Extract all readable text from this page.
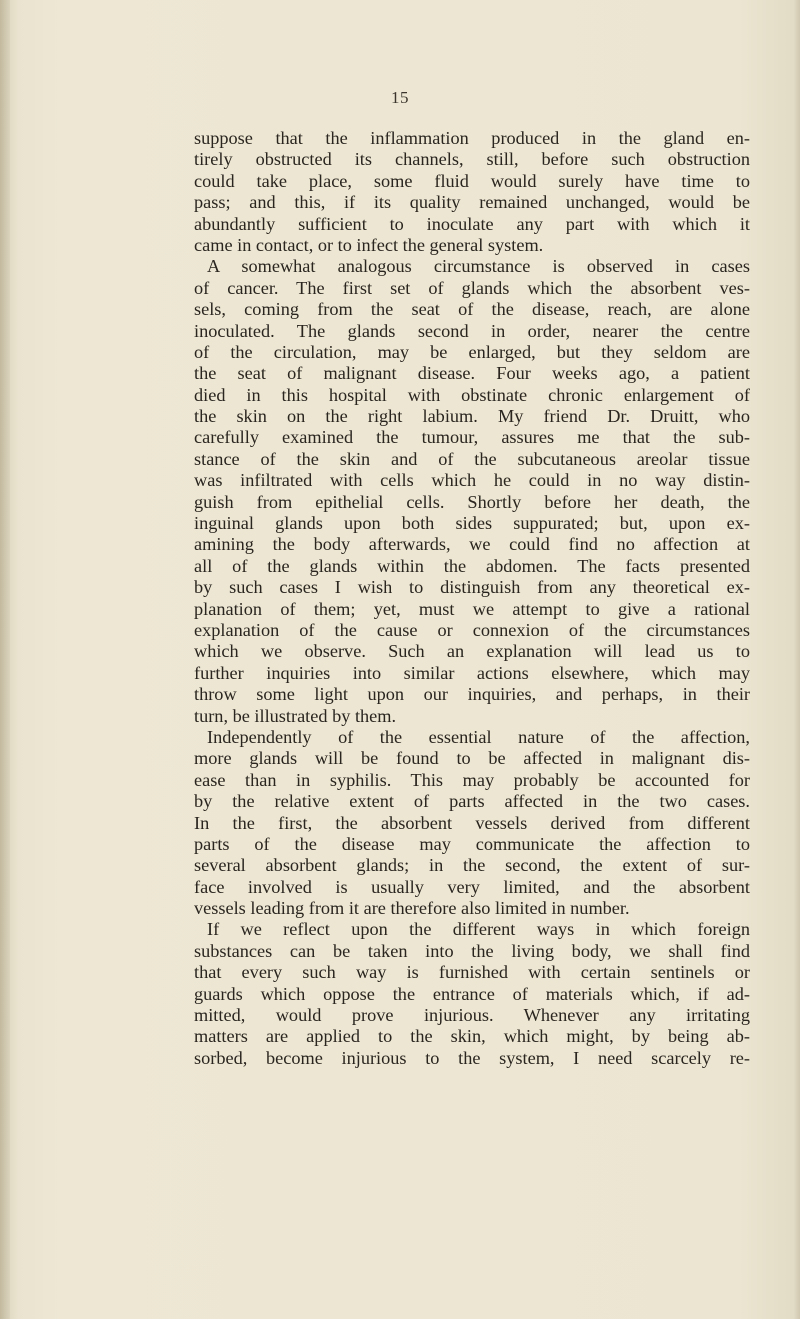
15
suppose that the inflammation produced in the gland en-
tirely obstructed its channels, still, before such obstruction
could take place, some fluid would surely have time to
pass; and this, if its quality remained unchanged, would be
abundantly sufficient to inoculate any part with which it
came in contact, or to infect the general system.
A somewhat analogous circumstance is observed in cases
of cancer. The first set of glands which the absorbent ves-
sels, coming from the seat of the disease, reach, are alone
inoculated. The glands second in order, nearer the centre
of the circulation, may be enlarged, but they seldom are
the seat of malignant disease. Four weeks ago, a patient
died in this hospital with obstinate chronic enlargement of
the skin on the right labium. My friend Dr. Druitt, who
carefully examined the tumour, assures me that the sub-
stance of the skin and of the subcutaneous areolar tissue
was infiltrated with cells which he could in no way distin-
guish from epithelial cells. Shortly before her death, the
inguinal glands upon both sides suppurated; but, upon ex-
amining the body afterwards, we could find no affection at
all of the glands within the abdomen. The facts presented
by such cases I wish to distinguish from any theoretical ex-
planation of them; yet, must we attempt to give a rational
explanation of the cause or connexion of the circumstances
which we observe. Such an explanation will lead us to
further inquiries into similar actions elsewhere, which may
throw some light upon our inquiries, and perhaps, in their
turn, be illustrated by them.
Independently of the essential nature of the affection,
more glands will be found to be affected in malignant dis-
ease than in syphilis. This may probably be accounted for
by the relative extent of parts affected in the two cases.
In the first, the absorbent vessels derived from different
parts of the disease may communicate the affection to
several absorbent glands; in the second, the extent of sur-
face involved is usually very limited, and the absorbent
vessels leading from it are therefore also limited in number.
If we reflect upon the different ways in which foreign
substances can be taken into the living body, we shall find
that every such way is furnished with certain sentinels or
guards which oppose the entrance of materials which, if ad-
mitted, would prove injurious. Whenever any irritating
matters are applied to the skin, which might, by being ab-
sorbed, become injurious to the system, I need scarcely re-
